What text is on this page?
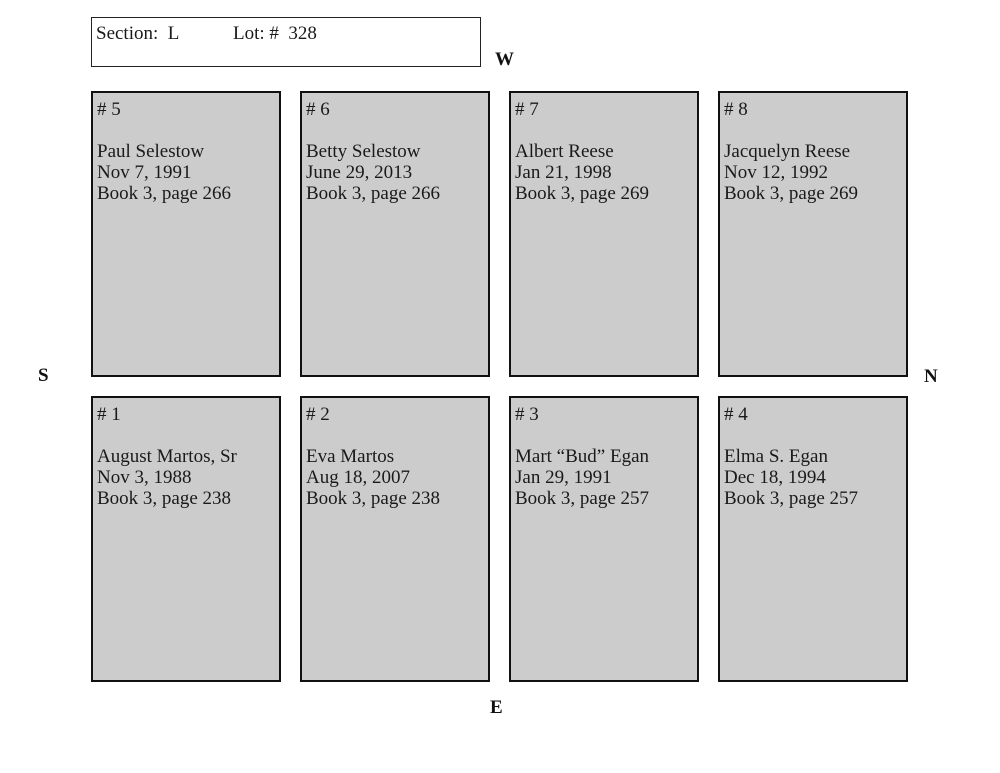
Section:  L	Lot: #  328
W
E
S	N
# 5
Paul Selestow
Nov 7, 1991
Book 3, page 266
# 6
Betty Selestow
June 29, 2013
Book 3, page 266
# 7
Albert Reese
Jan 21, 1998
Book 3, page 269
# 8
Jacquelyn Reese
Nov 12, 1992
Book 3, page 269
# 1
August Martos, Sr
Nov 3, 1988
Book 3, page 238
# 2
Eva Martos
Aug 18, 2007
Book 3, page 238
# 3
Mart “Bud” Egan
Jan 29, 1991
Book 3, page 257
# 4
Elma S. Egan
Dec 18, 1994
Book 3, page 257
